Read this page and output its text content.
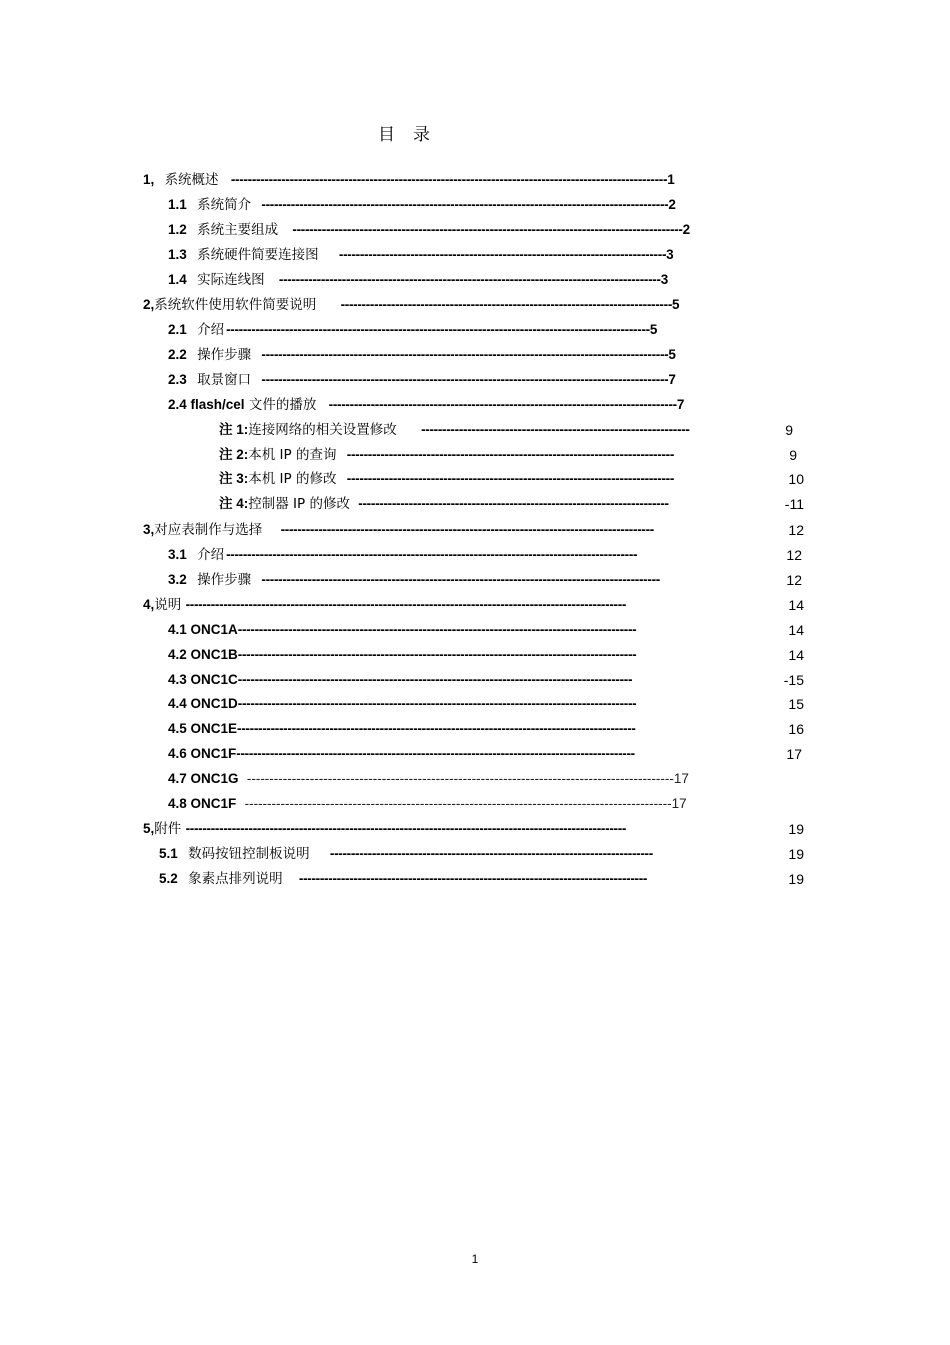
目录
1, 系统概述 --------------------------------------------------------------------------------------------------------1
1.1 系统简介 -------------------------------------------------------------------------------------------------2
1.2 系统主要组成 ---------------------------------------------------------------------------------------------2
1.3 系统硬件简要连接图 ------------------------------------------------------------------------------3
1.4 实际连线图 -------------------------------------------------------------------------------------------3
2,系统软件使用软件简要说明 -------------------------------------------------------------------------------5
2.1 介绍 -----------------------------------------------------------------------------------------------------5
2.2 操作步骤 -------------------------------------------------------------------------------------------------5
2.3 取景窗口 -------------------------------------------------------------------------------------------------7
2.4 flash/cel 文件的播放 -----------------------------------------------------------------------------------7
注 1:连接网络的相关设置修改 ----------------------------------------------------------------	9
注 2:本机 IP 的查询 ------------------------------------------------------------------------------	9
注 3:本机 IP 的修改 ------------------------------------------------------------------------------	10
注 4:控制器 IP 的修改 --------------------------------------------------------------------------	-11
3,对应表制作与选择 -----------------------------------------------------------------------------------------	12
3.1 介绍 --------------------------------------------------------------------------------------------------	12
3.2 操作步骤 -----------------------------------------------------------------------------------------------	12
4,说明 ---------------------------------------------------------------------------------------------------------	14
4.1 ONC1A-----------------------------------------------------------------------------------------------	14
4.2 ONC1B-----------------------------------------------------------------------------------------------	14
4.3 ONC1C----------------------------------------------------------------------------------------------	-15
4.4 ONC1D-----------------------------------------------------------------------------------------------	15
4.5 ONC1E-----------------------------------------------------------------------------------------------	16
4.6 ONC1F-----------------------------------------------------------------------------------------------	17
4.7 ONC1G -----------------------------------------------------------------------------------------------17
4.8 ONC1F -----------------------------------------------------------------------------------------------17
5,附件 ---------------------------------------------------------------------------------------------------------	19
5.1 数码按钮控制板说明 -----------------------------------------------------------------------------	19
5.2 象素点排列说明 -----------------------------------------------------------------------------------	19
1
